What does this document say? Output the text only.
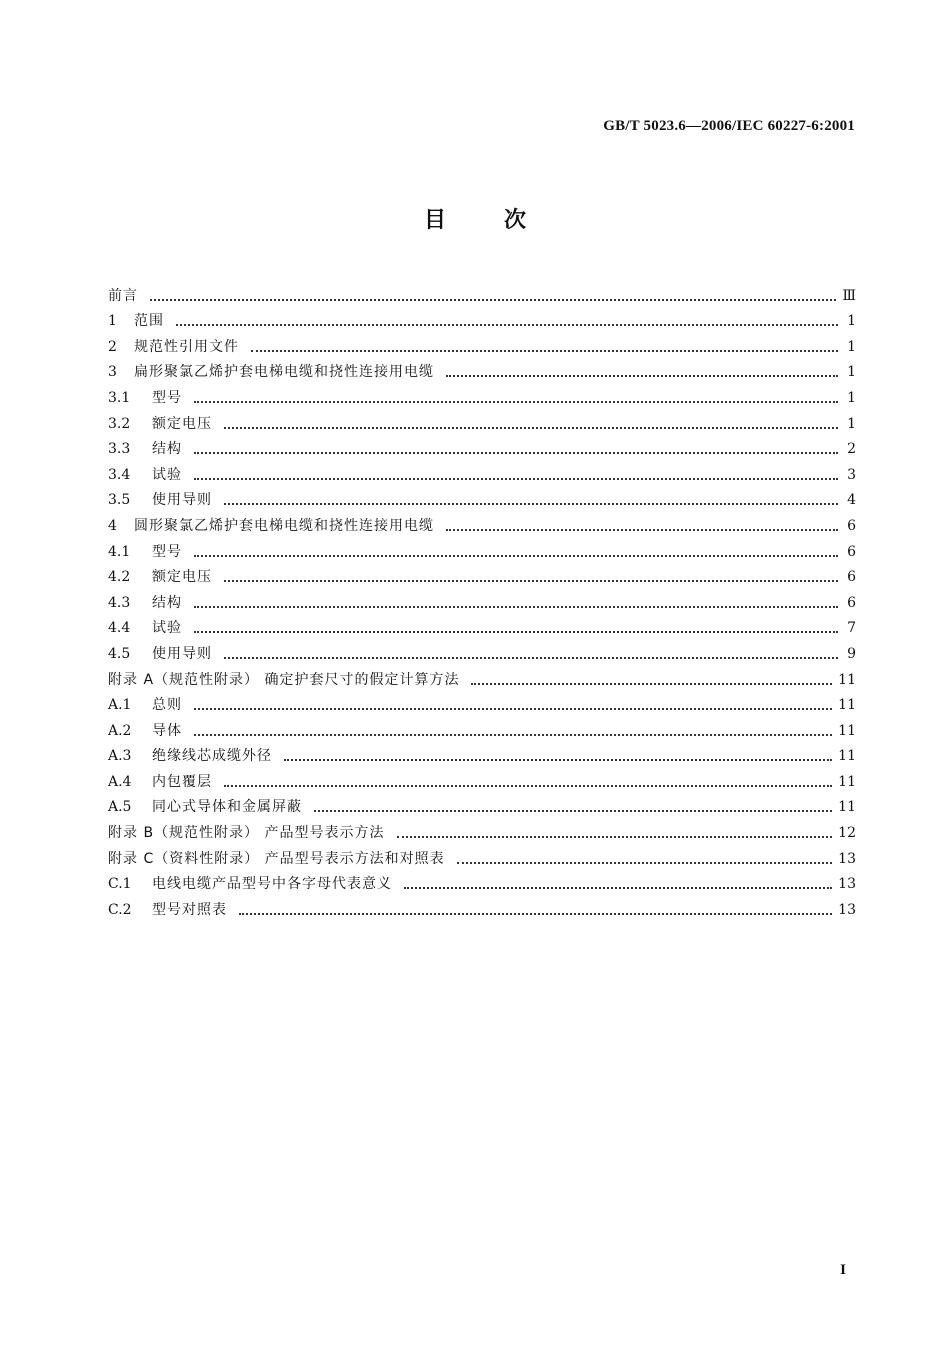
GB/T 5023.6—2006/IEC 60227-6:2001
目次
前言	Ⅲ
1	范围	1
2	规范性引用文件	1
3	扁形聚氯乙烯护套电梯电缆和挠性连接用电缆	1
3.1	型号	1
3.2	额定电压	1
3.3	结构	2
3.4	试验	3
3.5	使用导则	4
4	圆形聚氯乙烯护套电梯电缆和挠性连接用电缆	6
4.1	型号	6
4.2	额定电压	6
4.3	结构	6
4.4	试验	7
4.5	使用导则	9
附录 A（规范性附录） 确定护套尺寸的假定计算方法	11
A.1	总则	11
A.2	导体	11
A.3	绝缘线芯成缆外径	11
A.4	内包覆层	11
A.5	同心式导体和金属屏蔽	11
附录 B（规范性附录） 产品型号表示方法	12
附录 C（资料性附录） 产品型号表示方法和对照表	13
C.1	电线电缆产品型号中各字母代表意义	13
C.2	型号对照表	13
I
